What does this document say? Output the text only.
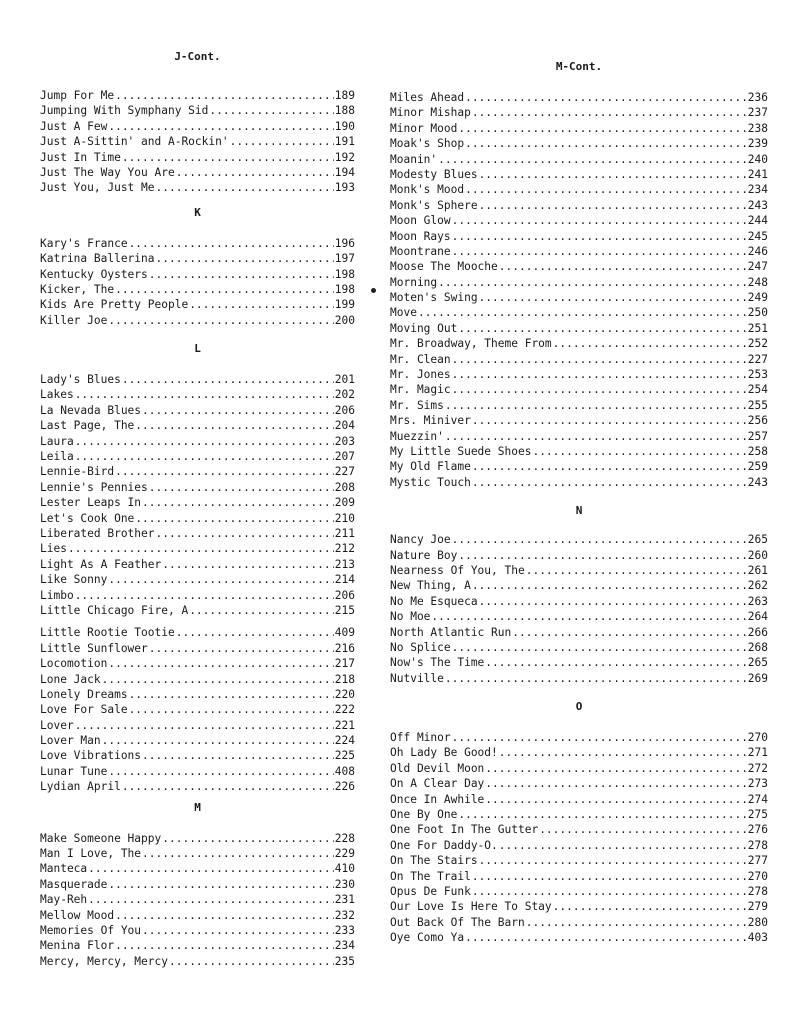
J-Cont.
Jump For Me .....	189
Jumping With Symphany Sid .....	188
Just A Few .....	190
Just A-Sittin' and A-Rockin' .....	191
Just In Time .....	192
Just The Way You Are .....	194
Just You, Just Me .....	193
K
Kary's France .....	196
Katrina Ballerina .....	197
Kentucky Oysters .....	198
Kicker, The .....	198
Kids Are Pretty People .....	199
Killer Joe .....	200
L
Lady's Blues .....	201
Lakes .....	202
La Nevada Blues .....	206
Last Page, The .....	204
Laura .....	203
Leila .....	207
Lennie-Bird .....	227
Lennie's Pennies .....	208
Lester Leaps In .....	209
Let's Cook One .....	210
Liberated Brother .....	211
Lies .....	212
Light As A Feather .....	213
Like Sonny .....	214
Limbo .....	206
Little Chicago Fire, A .....	215
Little Rootie Tootie .....	409
Little Sunflower .....	216
Locomotion .....	217
Lone Jack .....	218
Lonely Dreams .....	220
Love For Sale .....	222
Lover .....	221
Lover Man .....	224
Love Vibrations .....	225
Lunar Tune .....	408
Lydian April .....	226
M
Make Someone Happy .....	228
Man I Love, The .....	229
Manteca .....	410
Masquerade .....	230
May-Reh .....	231
Mellow Mood .....	232
Memories Of You .....	233
Menina Flor .....	234
Mercy, Mercy, Mercy .....	235
M-Cont.
Miles Ahead .....	236
Minor Mishap .....	237
Minor Mood .....	238
Moak's Shop .....	239
Moanin' .....	240
Modesty Blues .....	241
Monk's Mood .....	234
Monk's Sphere .....	243
Moon Glow .....	244
Moon Rays .....	245
Moontrane .....	246
Moose The Mooche .....	247
Morning .....	248
Moten's Swing .....	249
Move .....	250
Moving Out .....	251
Mr. Broadway, Theme From .....	252
Mr. Clean .....	227
Mr. Jones .....	253
Mr. Magic .....	254
Mr. Sims .....	255
Mrs. Miniver .....	256
Muezzin' .....	257
My Little Suede Shoes .....	258
My Old Flame .....	259
Mystic Touch .....	243
N
Nancy Joe .....	265
Nature Boy .....	260
Nearness Of You, The .....	261
New Thing, A .....	262
No Me Esqueca .....	263
No Moe .....	264
North Atlantic Run .....	266
No Splice .....	268
Now's The Time .....	265
Nutville .....	269
O
Off Minor .....	270
Oh Lady Be Good! .....	271
Old Devil Moon .....	272
On A Clear Day .....	273
Once In Awhile .....	274
One By One .....	275
One Foot In The Gutter .....	276
One For Daddy-O. .....	278
On The Stairs .....	277
On The Trail .....	270
Opus De Funk .....	278
Our Love Is Here To Stay .....	279
Out Back Of The Barn .....	280
Oye Como Ya .....	403
